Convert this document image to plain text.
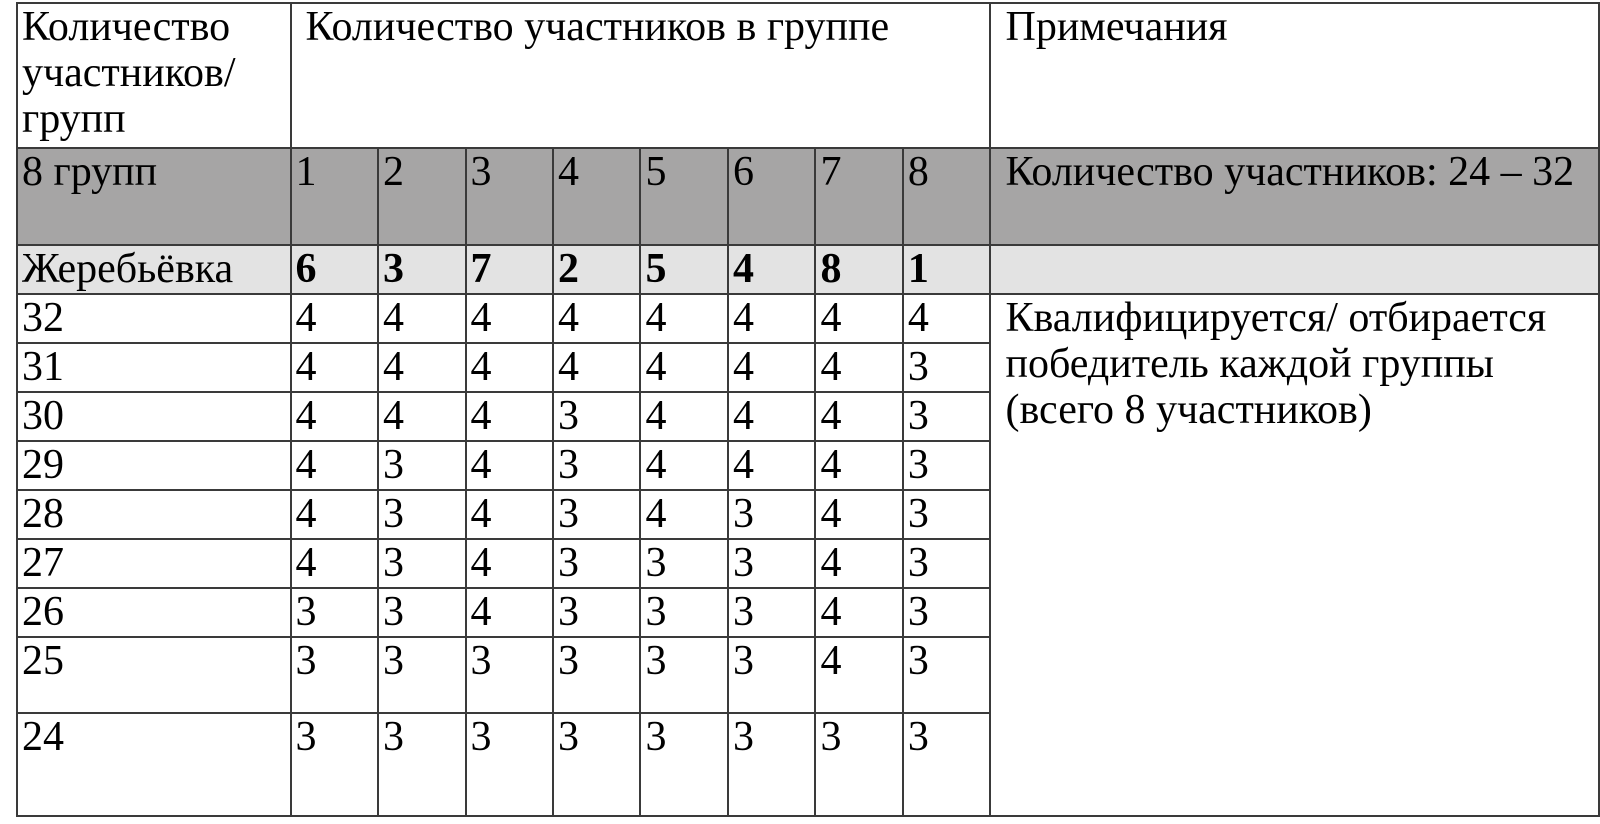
Количество участников/ групп	Количество участников в группе								Примечания
8 групп	1	2	3	4	5	6	7	8	Количество участников: 24 – 32
Жеребьёвка	6	3	7	2	5	4	8	1	
32	4	4	4	4	4	4	4	4	Квалифицируется/ отбирается победитель каждой группы (всего 8 участников)
31	4	4	4	4	4	4	4	3	
30	4	4	4	3	4	4	4	3	
29	4	3	4	3	4	4	4	3	
28	4	3	4	3	4	3	4	3	
27	4	3	4	3	3	3	4	3	
26	3	3	4	3	3	3	4	3	
25	3	3	3	3	3	3	4	3	
24	3	3	3	3	3	3	3	3	
